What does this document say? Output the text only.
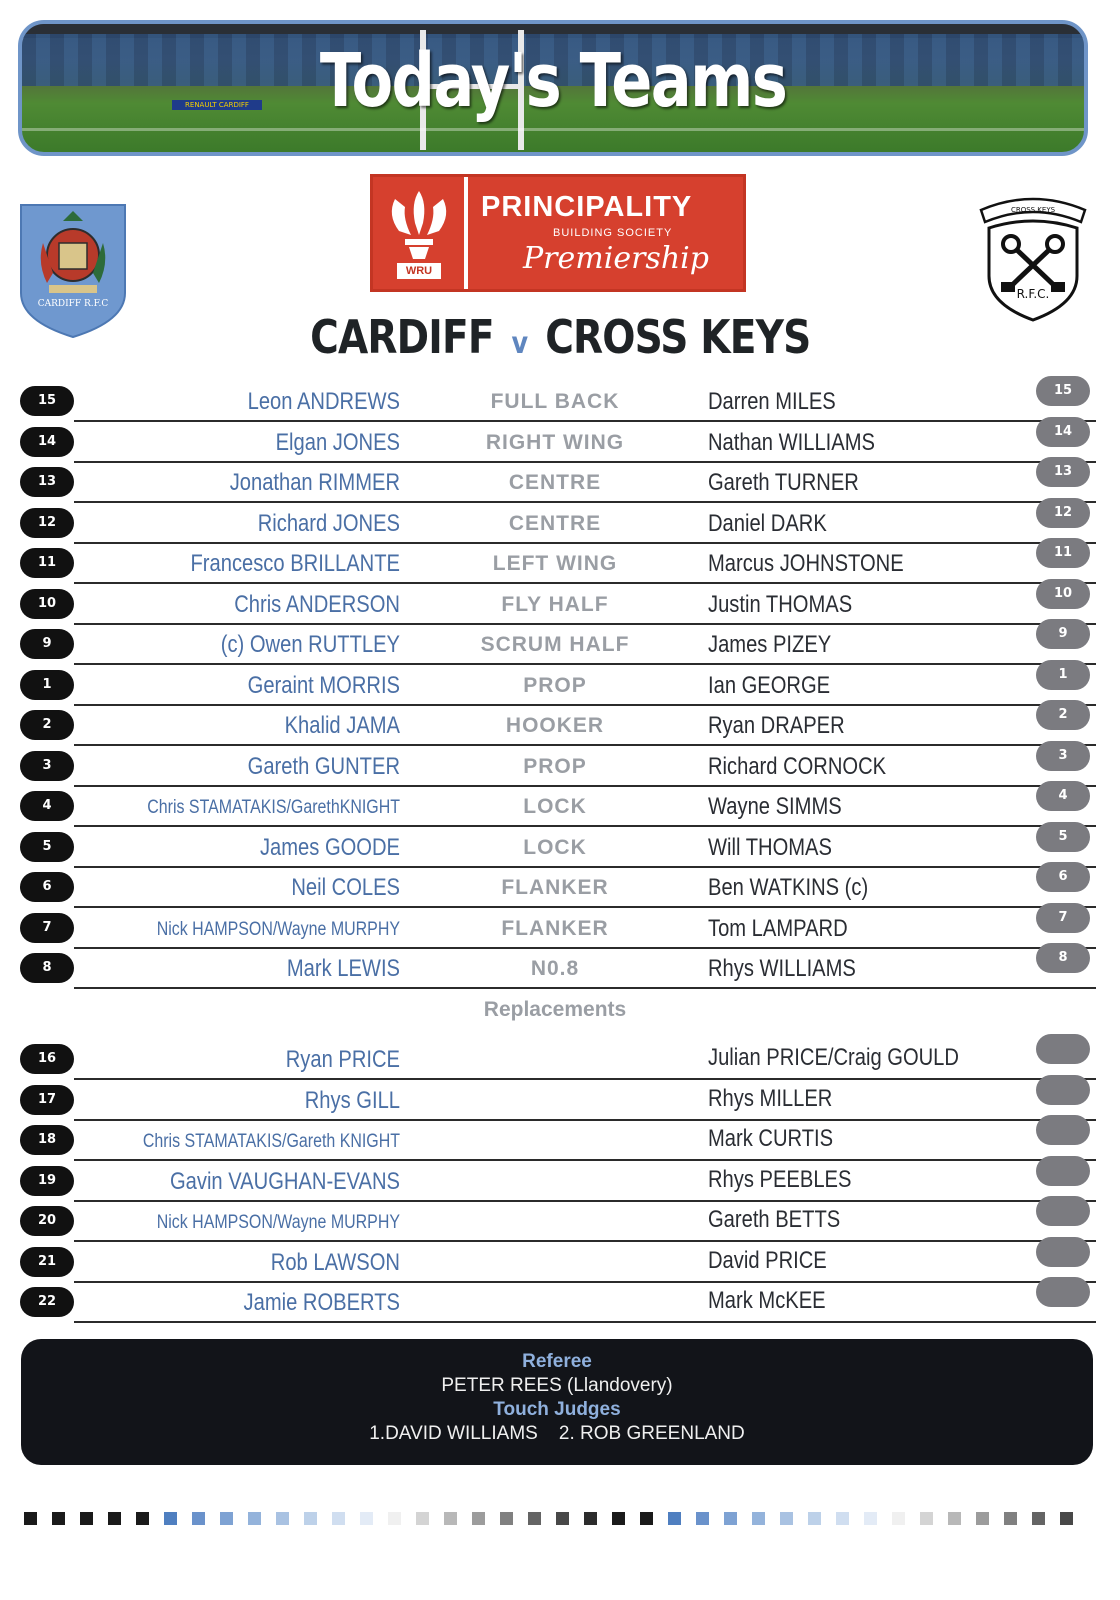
RENAULT CARDIFF Today's Teams
CARDIFF R.F.C
WRU
PRINCIPALITY
BUILDING SOCIETY
Premiership
CROSS KEYS
R.F.C.
CARDIFF v CROSS KEYS
15	Leon ANDREWS	FULL BACK	Darren MILES	15
14	Elgan JONES	RIGHT WING	Nathan WILLIAMS	14
13	Jonathan RIMMER	CENTRE	Gareth TURNER	13
12	Richard JONES	CENTRE	Daniel DARK	12
11	Francesco BRILLANTE	LEFT WING	Marcus JOHNSTONE	11
10	Chris ANDERSON	FLY HALF	Justin THOMAS	10
9	(c) Owen RUTTLEY	SCRUM HALF	James PIZEY	9
1	Geraint MORRIS	PROP	Ian GEORGE	1
2	Khalid JAMA	HOOKER	Ryan DRAPER	2
3	Gareth GUNTER	PROP	Richard CORNOCK	3
4	Chris STAMATAKIS/GarethKNIGHT	LOCK	Wayne SIMMS	4
5	James GOODE	LOCK	Will THOMAS	5
6	Neil COLES	FLANKER	Ben WATKINS (c)	6
7	Nick HAMPSON/Wayne MURPHY	FLANKER	Tom LAMPARD	7
8	Mark LEWIS	N0.8	Rhys WILLIAMS	8
Replacements
16	Ryan PRICE	Julian PRICE/Craig GOULD
17	Rhys GILL	Rhys MILLER
18	Chris STAMATAKIS/Gareth KNIGHT	Mark CURTIS
19	Gavin VAUGHAN-EVANS	Rhys PEEBLES
20	Nick HAMPSON/Wayne MURPHY	Gareth BETTS
21	Rob LAWSON	David PRICE
22	Jamie ROBERTS	Mark McKEE
Referee
PETER REES (Llandovery)
Touch Judges
1.DAVID WILLIAMS    2. ROB GREENLAND
